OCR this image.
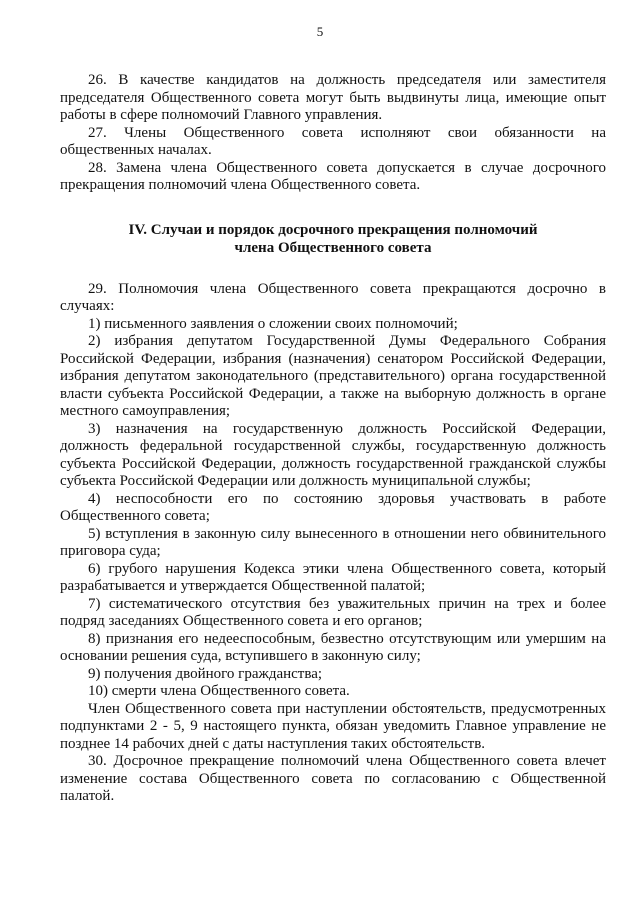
5

26. В качестве кандидатов на должность председателя или заместителя председателя Общественного совета могут быть выдвинуты лица, имеющие опыт работы в сфере полномочий Главного управления.

27. Члены Общественного совета исполняют свои обязанности на общественных началах.

28. Замена члена Общественного совета допускается в случае досрочного прекращения полномочий члена Общественного совета.

IV. Случаи и порядок досрочного прекращения полномочий
члена Общественного совета

29. Полномочия члена Общественного совета прекращаются досрочно в случаях:

1) письменного заявления о сложении своих полномочий;

2) избрания депутатом Государственной Думы Федерального Собрания Российской Федерации, избрания (назначения) сенатором Российской Федерации, избрания депутатом законодательного (представительного) органа государственной власти субъекта Российской Федерации, а также на выборную должность в органе местного самоуправления;

3) назначения на государственную должность Российской Федерации, должность федеральной государственной службы, государственную должность субъекта Российской Федерации, должность государственной гражданской службы субъекта Российской Федерации или должность муниципальной службы;

4) неспособности его по состоянию здоровья участвовать в работе Общественного совета;

5) вступления в законную силу вынесенного в отношении него обвинительного приговора суда;

6) грубого нарушения Кодекса этики члена Общественного совета, который разрабатывается и утверждается Общественной палатой;

7) систематического отсутствия без уважительных причин на трех и более подряд заседаниях Общественного совета и его органов;

8) признания его недееспособным, безвестно отсутствующим или умершим на основании решения суда, вступившего в законную силу;

9) получения двойного гражданства;

10) смерти члена Общественного совета.

Член Общественного совета при наступлении обстоятельств, предусмотренных подпунктами 2 - 5, 9 настоящего пункта, обязан уведомить Главное управление не позднее 14 рабочих дней с даты наступления таких обстоятельств.

30. Досрочное прекращение полномочий члена Общественного совета влечет изменение состава Общественного совета по согласованию с Общественной палатой.
